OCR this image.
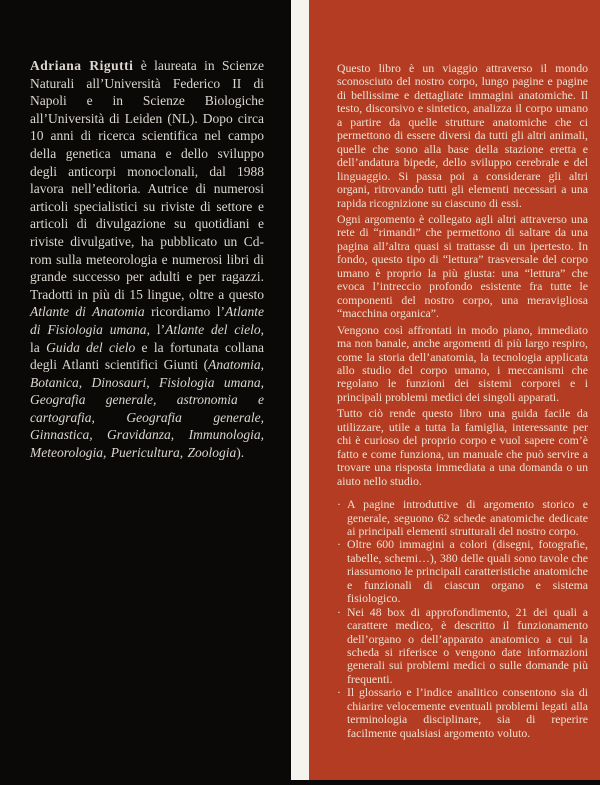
Questo libro è un viaggio attraverso il mondo sconosciuto del nostro corpo, lungo pagine e pagine di bellissime e dettagliate immagini anatomiche. Il testo, discorsivo e sintetico, analizza il corpo umano a partire da quelle strutture anatomiche che ci permettono di essere diversi da tutti gli altri animali, quelle che sono alla base della stazione eretta e dell’andatura bipede, dello sviluppo cerebrale e del linguaggio. Si passa poi a considerare gli altri organi, ritrovando tutti gli elementi necessari a una rapida ricognizione su ciascuno di essi.

Ogni argomento è collegato agli altri attraverso una rete di “rimandi” che permettono di saltare da una pagina all’altra quasi si trattasse di un ipertesto. In fondo, questo tipo di “lettura” trasversale del corpo umano è proprio la più giusta: una “lettura” che evoca l’intreccio profondo esistente fra tutte le componenti del nostro corpo, una meravigliosa “macchina organica”.

Vengono così affrontati in modo piano, immediato ma non banale, anche argomenti di più largo respiro, come la storia dell’anatomia, la tecnologia applicata allo studio del corpo umano, i meccanismi che regolano le funzioni dei sistemi corporei e i principali problemi medici dei singoli apparati.

Tutto ciò rende questo libro una guida facile da utilizzare, utile a tutta la famiglia, interessante per chi è curioso del proprio corpo e vuol sapere com’è fatto e come funziona, un manuale che può servire a trovare una risposta immediata a una domanda o un aiuto nello studio.

· A pagine introduttive di argomento storico e generale, seguono 62 schede anatomiche dedicate ai principali elementi strutturali del nostro corpo.
· Oltre 600 immagini a colori (disegni, fotografie, tabelle, schemi…), 380 delle quali sono tavole che riassumono le principali caratteristiche anatomiche e funzionali di ciascun organo e sistema fisiologico.
· Nei 48 box di approfondimento, 21 dei quali a carattere medico, è descritto il funzionamento dell’organo o dell’apparato anatomico a cui la scheda si riferisce o vengono date informazioni generali sui problemi medici o sulle domande più frequenti.
· Il glossario e l’indice analitico consentono sia di chiarire velocemente eventuali problemi legati alla terminologia disciplinare, sia di reperire facilmente qualsiasi argomento voluto.
Adriana Rigutti è laureata in Scienze Naturali all’Università Federico II di Napoli e in Scienze Biologiche all’Università di Leiden (NL). Dopo circa 10 anni di ricerca scientifica nel campo della genetica umana e dello sviluppo degli anticorpi monoclonali, dal 1988 lavora nell’editoria. Autrice di numerosi articoli specialistici su riviste di settore e articoli di divulgazione su quotidiani e riviste divulgative, ha pubblicato un Cd-rom sulla meteorologia e numerosi libri di grande successo per adulti e per ragazzi. Tradotti in più di 15 lingue, oltre a questo Atlante di Anatomia ricordiamo l’Atlante di Fisiologia umana, l’Atlante del cielo, la Guida del cielo e la fortunata collana degli Atlanti scientifici Giunti (Anatomia, Botanica, Dinosauri, Fisiologia umana, Geografia generale, astronomia e cartografia, Geografia generale, Ginnastica, Gravidanza, Immunologia, Meteorologia, Puericultura, Zoologia).
